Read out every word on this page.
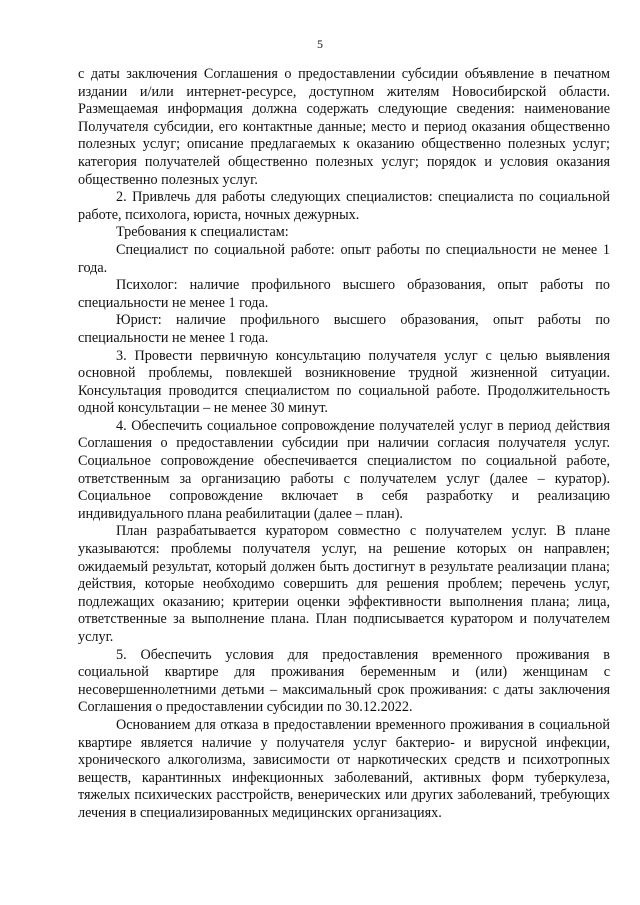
5

с даты заключения Соглашения о предоставлении субсидии объявление в печатном издании и/или интернет-ресурсе, доступном жителям Новосибирской области. Размещаемая информация должна содержать следующие сведения: наименование Получателя субсидии, его контактные данные; место и период оказания общественно полезных услуг; описание предлагаемых к оказанию общественно полезных услуг; категория получателей общественно полезных услуг; порядок и условия оказания общественно полезных услуг.

2. Привлечь для работы следующих специалистов: специалиста по социальной работе, психолога, юриста, ночных дежурных.

Требования к специалистам:

Специалист по социальной работе: опыт работы по специальности не менее 1 года.

Психолог: наличие профильного высшего образования, опыт работы по специальности не менее 1 года.

Юрист: наличие профильного высшего образования, опыт работы по специальности не менее 1 года.

3. Провести первичную консультацию получателя услуг с целью выявления основной проблемы, повлекшей возникновение трудной жизненной ситуации. Консультация проводится специалистом по социальной работе. Продолжительность одной консультации – не менее 30 минут.

4. Обеспечить социальное сопровождение получателей услуг в период действия Соглашения о предоставлении субсидии при наличии согласия получателя услуг. Социальное сопровождение обеспечивается специалистом по социальной работе, ответственным за организацию работы с получателем услуг (далее – куратор). Социальное сопровождение включает в себя разработку и реализацию индивидуального плана реабилитации (далее – план).

План разрабатывается куратором совместно с получателем услуг. В плане указываются: проблемы получателя услуг, на решение которых он направлен; ожидаемый результат, который должен быть достигнут в результате реализации плана; действия, которые необходимо совершить для решения проблем; перечень услуг, подлежащих оказанию; критерии оценки эффективности выполнения плана; лица, ответственные за выполнение плана. План подписывается куратором и получателем услуг.

5. Обеспечить условия для предоставления временного проживания в социальной квартире для проживания беременным и (или) женщинам с несовершеннолетними детьми – максимальный срок проживания: с даты заключения Соглашения о предоставлении субсидии по 30.12.2022.

Основанием для отказа в предоставлении временного проживания в социальной квартире является наличие у получателя услуг бактерио- и вирусной инфекции, хронического алкоголизма, зависимости от наркотических средств и психотропных веществ, карантинных инфекционных заболеваний, активных форм туберкулеза, тяжелых психических расстройств, венерических или других заболеваний, требующих лечения в специализированных медицинских организациях.
